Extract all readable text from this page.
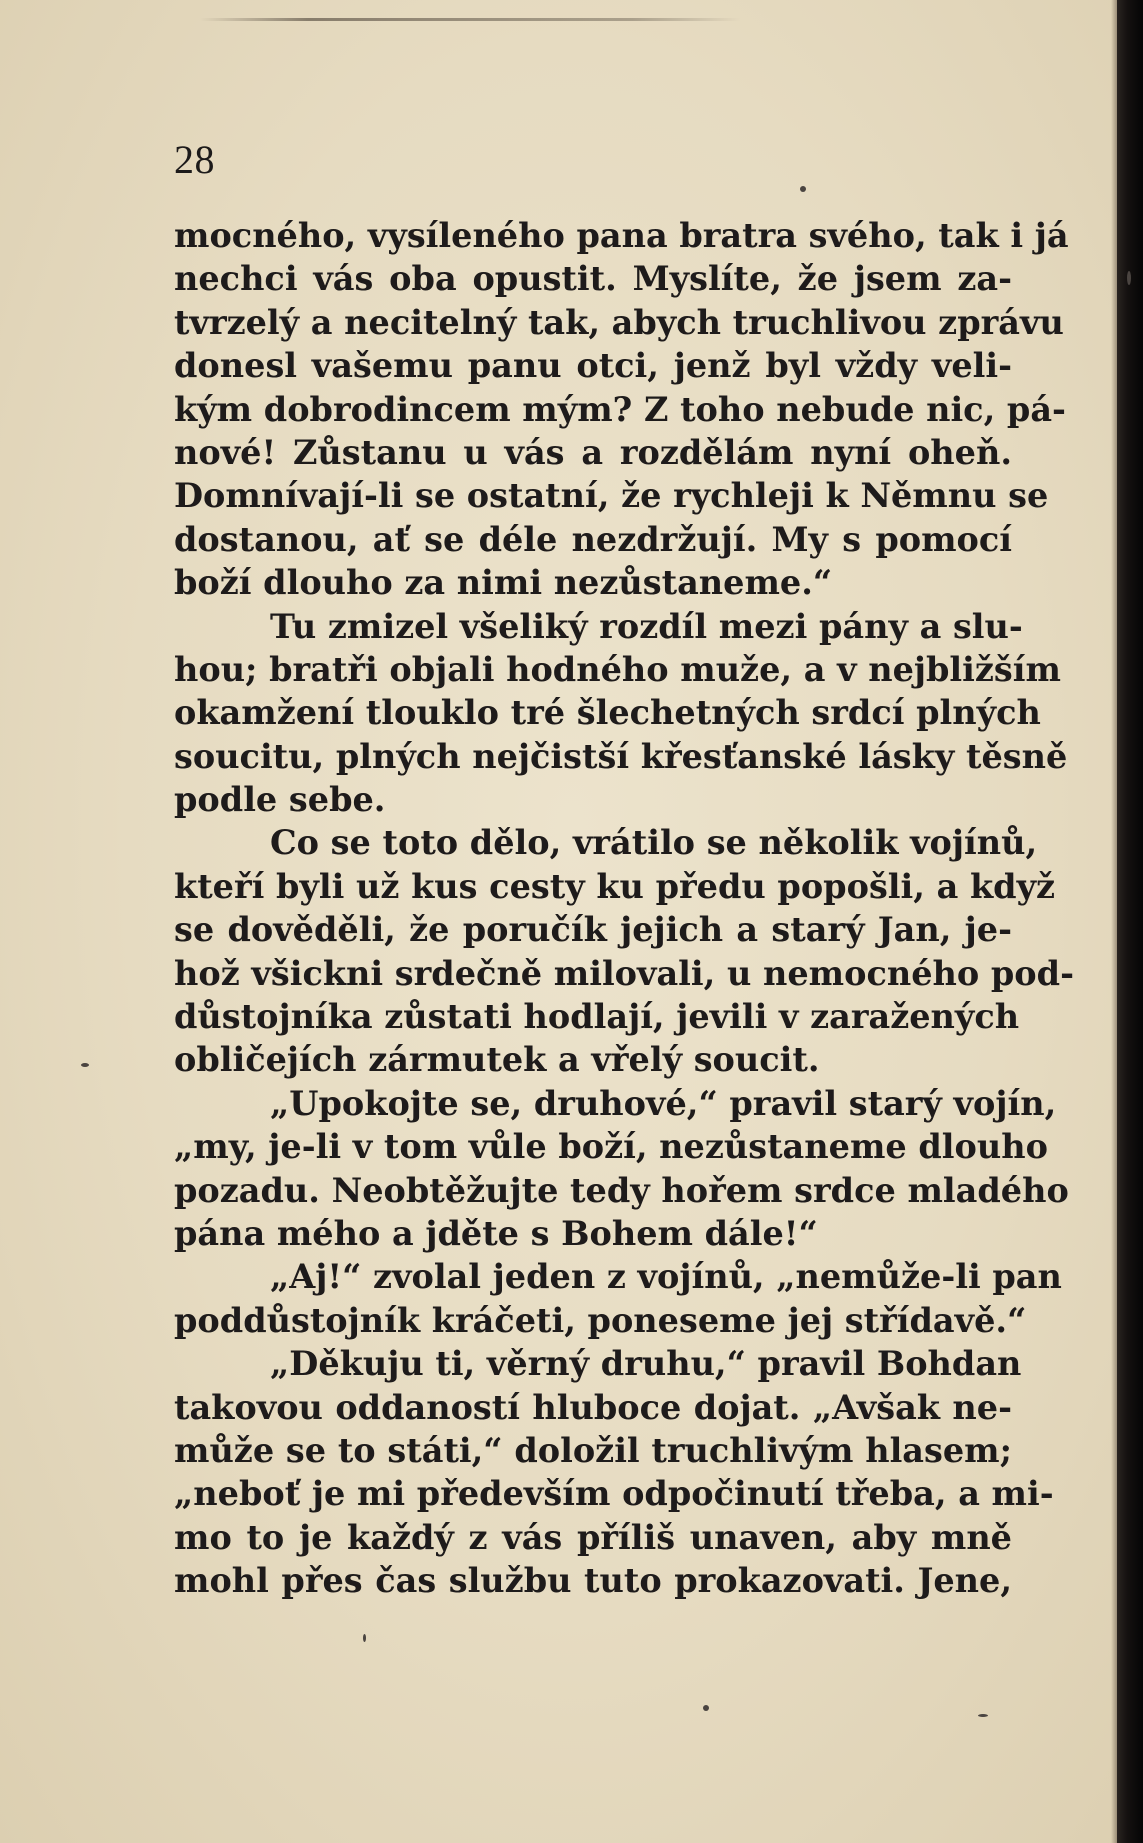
28
mocného, vysíleného pana bratra svého, tak i já
nechci vás oba opustit. Myslíte, že jsem za-
tvrzelý a necitelný tak, abych truchlivou zprávu
donesl vašemu panu otci, jenž byl vždy veli-
kým dobrodincem mým? Z toho nebude nic, pá-
nové! Zůstanu u vás a rozdělám nyní oheň.
Domnívají-li se ostatní, že rychleji k Němnu se
dostanou, ať se déle nezdržují. My s pomocí
boží dlouho za nimi nezůstaneme.“
Tu zmizel všeliký rozdíl mezi pány a slu-
hou; bratři objali hodného muže, a v nejbližším
okamžení tlouklo tré šlechetných srdcí plných
soucitu, plných nejčistší křesťanské lásky těsně
podle sebe.
Co se toto dělo, vrátilo se několik vojínů,
kteří byli už kus cesty ku předu popošli, a když
se dověděli, že poručík jejich a starý Jan, je-
hož všickni srdečně milovali, u nemocného pod-
důstojníka zůstati hodlají, jevili v zaražených
obličejích zármutek a vřelý soucit.
„Upokojte se, druhové,“ pravil starý vojín,
„my, je-li v tom vůle boží, nezůstaneme dlouho
pozadu. Neobtěžujte tedy hořem srdce mladého
pána mého a jděte s Bohem dále!“
„Aj!“ zvolal jeden z vojínů, „nemůže-li pan
poddůstojník kráčeti, poneseme jej střídavě.“
„Děkuju ti, věrný druhu,“ pravil Bohdan
takovou oddaností hluboce dojat. „Avšak ne-
může se to státi,“ doložil truchlivým hlasem;
„neboť je mi především odpočinutí třeba, a mi-
mo to je každý z vás příliš unaven, aby mně
mohl přes čas službu tuto prokazovati. Jene,
